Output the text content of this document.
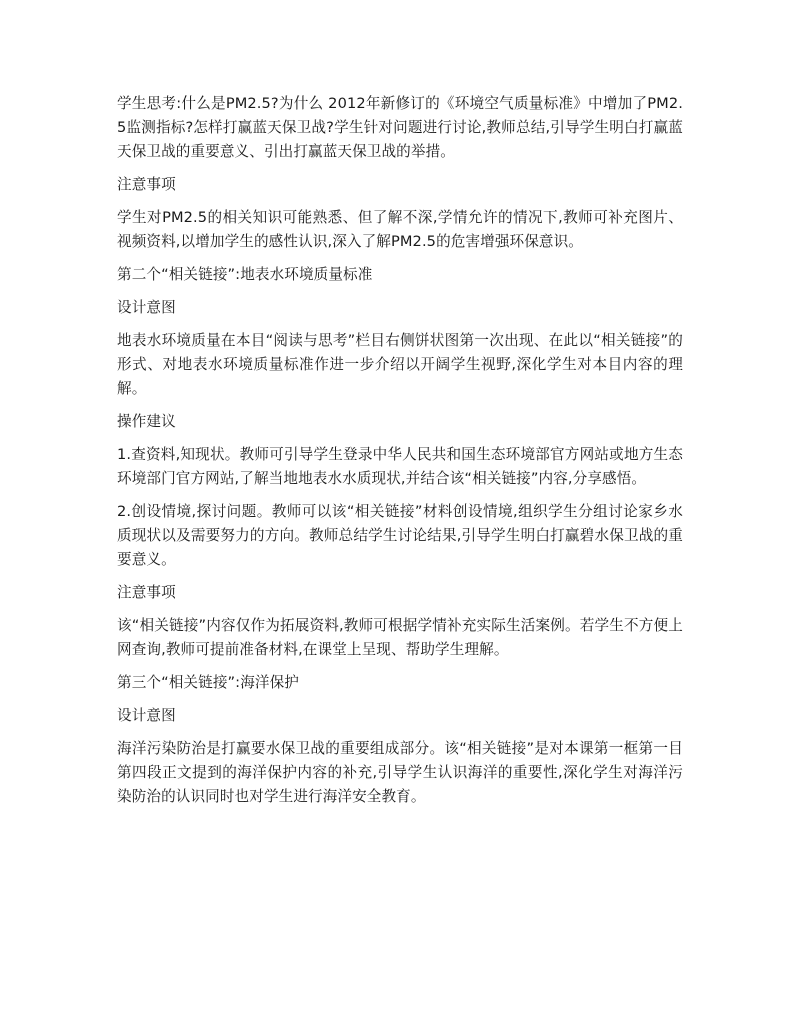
学生思考:什么是PM2.5?为什么 2012年新修订的《环境空气质量标准》中增加了PM2.5监测指标?怎样打赢蓝天保卫战?学生针对问题进行讨论,教师总结,引导学生明白打赢蓝天保卫战的重要意义、引出打赢蓝天保卫战的举措。

注意事项

学生对PM2.5的相关知识可能熟悉、但了解不深,学情允许的情况下,教师可补充图片、视频资料,以增加学生的感性认识,深入了解PM2.5的危害增强环保意识。

第二个“相关链接”:地表水环境质量标准

设计意图

地表水环境质量在本目“阅读与思考”栏目右侧饼状图第一次出现、在此以“相关链接”的形式、对地表水环境质量标准作进一步介绍以开阔学生视野,深化学生对本目内容的理解。

操作建议

1.查资料,知现状。教师可引导学生登录中华人民共和国生态环境部官方网站或地方生态环境部门官方网站,了解当地地表水水质现状,并结合该“相关链接”内容,分享感悟。

2.创设情境,探讨问题。教师可以该“相关链接”材料创设情境,组织学生分组讨论家乡水质现状以及需要努力的方向。教师总结学生讨论结果,引导学生明白打赢碧水保卫战的重要意义。

注意事项

该“相关链接”内容仅作为拓展资料,教师可根据学情补充实际生活案例。若学生不方便上网查询,教师可提前准备材料,在课堂上呈现、帮助学生理解。

第三个“相关链接”:海洋保护

设计意图

海洋污染防治是打赢要水保卫战的重要组成部分。该“相关链接”是对本课第一框第一目第四段正文提到的海洋保护内容的补充,引导学生认识海洋的重要性,深化学生对海洋污染防治的认识同时也对学生进行海洋安全教育。
